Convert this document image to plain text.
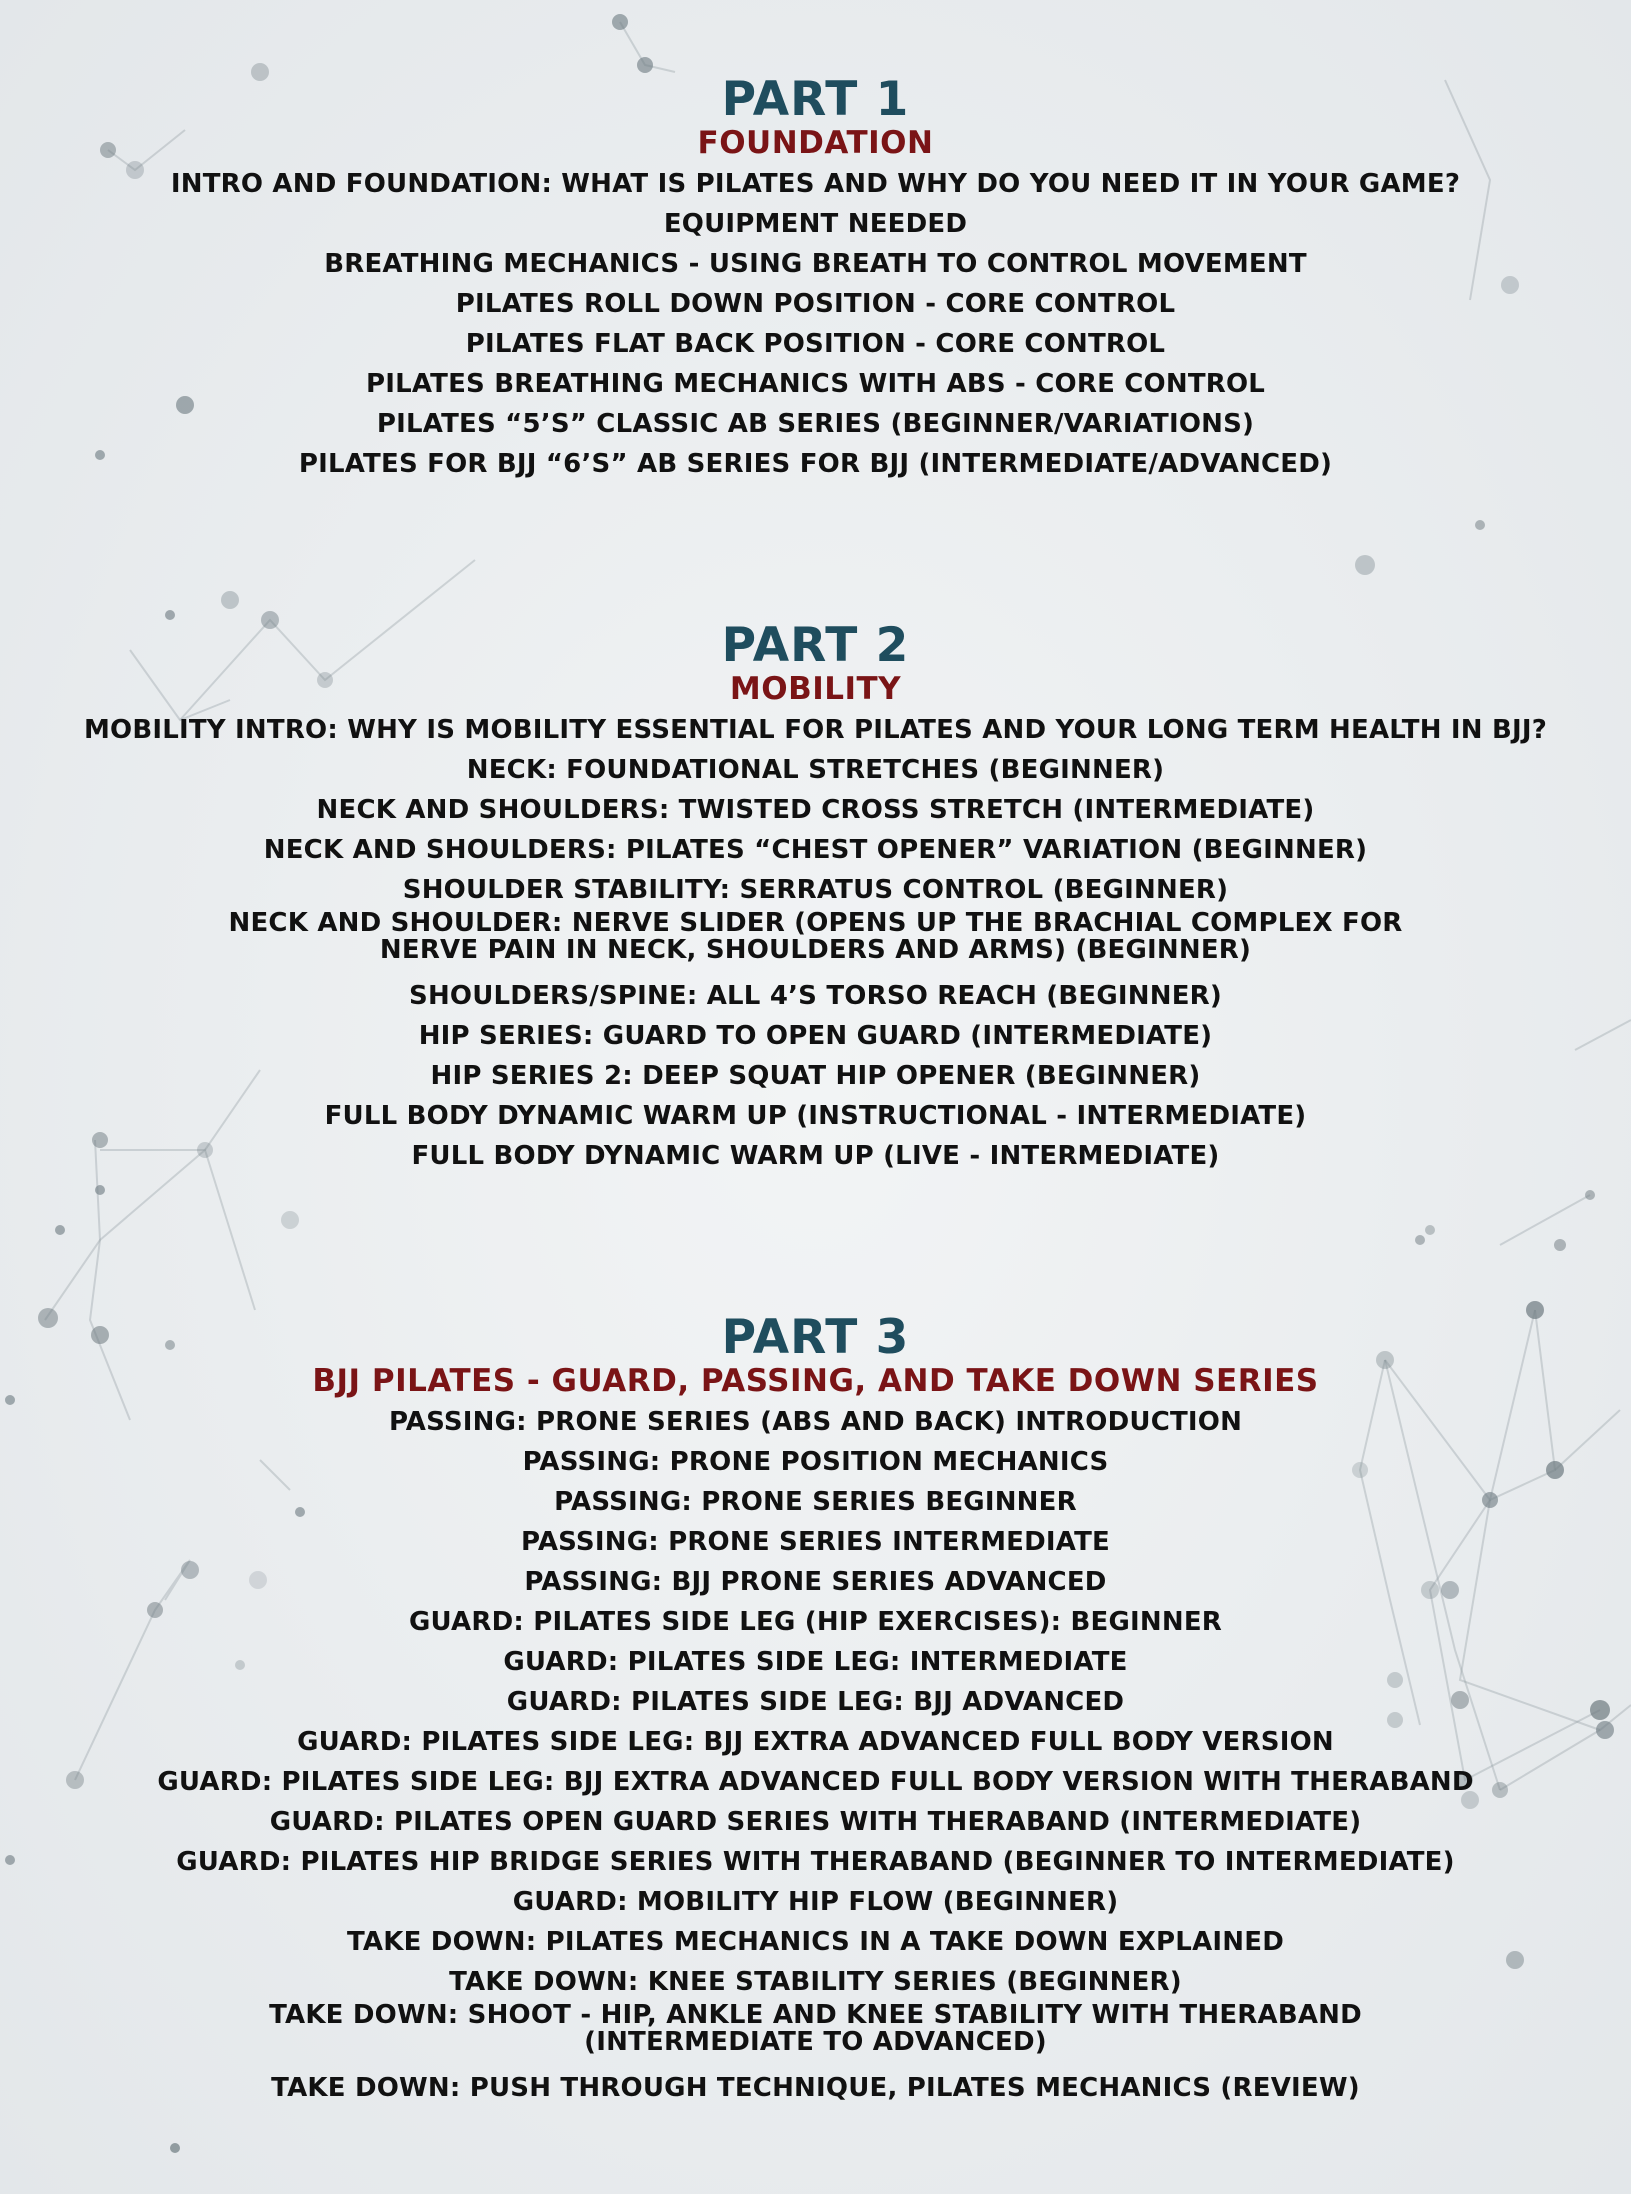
PART 1
FOUNDATION

INTRO AND FOUNDATION: WHAT IS PILATES AND WHY DO YOU NEED IT IN YOUR GAME?

EQUIPMENT NEEDED

BREATHING MECHANICS - USING BREATH TO CONTROL MOVEMENT

PILATES ROLL DOWN POSITION - CORE CONTROL

PILATES FLAT BACK POSITION - CORE CONTROL

PILATES BREATHING MECHANICS WITH ABS - CORE CONTROL

PILATES “5’S” CLASSIC AB SERIES (BEGINNER/VARIATIONS)

PILATES FOR BJJ “6’S” AB SERIES FOR BJJ (INTERMEDIATE/ADVANCED)

PART 2
MOBILITY

MOBILITY INTRO: WHY IS MOBILITY ESSENTIAL FOR PILATES AND YOUR LONG TERM HEALTH IN BJJ?

NECK: FOUNDATIONAL STRETCHES (BEGINNER)

NECK AND SHOULDERS: TWISTED CROSS STRETCH (INTERMEDIATE)

NECK AND SHOULDERS: PILATES “CHEST OPENER” VARIATION (BEGINNER)

SHOULDER STABILITY: SERRATUS CONTROL (BEGINNER)

NECK AND SHOULDER: NERVE SLIDER (OPENS UP THE BRACHIAL COMPLEX FOR
NERVE PAIN IN NECK, SHOULDERS AND ARMS) (BEGINNER)

SHOULDERS/SPINE: ALL 4’S TORSO REACH (BEGINNER)

HIP SERIES: GUARD TO OPEN GUARD (INTERMEDIATE)

HIP SERIES 2: DEEP SQUAT HIP OPENER (BEGINNER)

FULL BODY DYNAMIC WARM UP (INSTRUCTIONAL - INTERMEDIATE)

FULL BODY DYNAMIC WARM UP (LIVE - INTERMEDIATE)

PART 3
BJJ PILATES - GUARD, PASSING, AND TAKE DOWN SERIES

PASSING: PRONE SERIES (ABS AND BACK) INTRODUCTION

PASSING: PRONE POSITION MECHANICS

PASSING: PRONE SERIES BEGINNER

PASSING: PRONE SERIES INTERMEDIATE

PASSING: BJJ PRONE SERIES ADVANCED

GUARD: PILATES SIDE LEG (HIP EXERCISES): BEGINNER

GUARD: PILATES SIDE LEG: INTERMEDIATE

GUARD: PILATES SIDE LEG: BJJ ADVANCED

GUARD: PILATES SIDE LEG: BJJ EXTRA ADVANCED FULL BODY VERSION

GUARD: PILATES SIDE LEG: BJJ EXTRA ADVANCED FULL BODY VERSION WITH THERABAND

GUARD: PILATES OPEN GUARD SERIES WITH THERABAND (INTERMEDIATE)

GUARD: PILATES HIP BRIDGE SERIES WITH THERABAND (BEGINNER TO INTERMEDIATE)

GUARD: MOBILITY HIP FLOW (BEGINNER)

TAKE DOWN: PILATES MECHANICS IN A TAKE DOWN EXPLAINED

TAKE DOWN: KNEE STABILITY SERIES (BEGINNER)

TAKE DOWN: SHOOT - HIP, ANKLE AND KNEE STABILITY WITH THERABAND
(INTERMEDIATE TO ADVANCED)

TAKE DOWN: PUSH THROUGH TECHNIQUE, PILATES MECHANICS (REVIEW)
